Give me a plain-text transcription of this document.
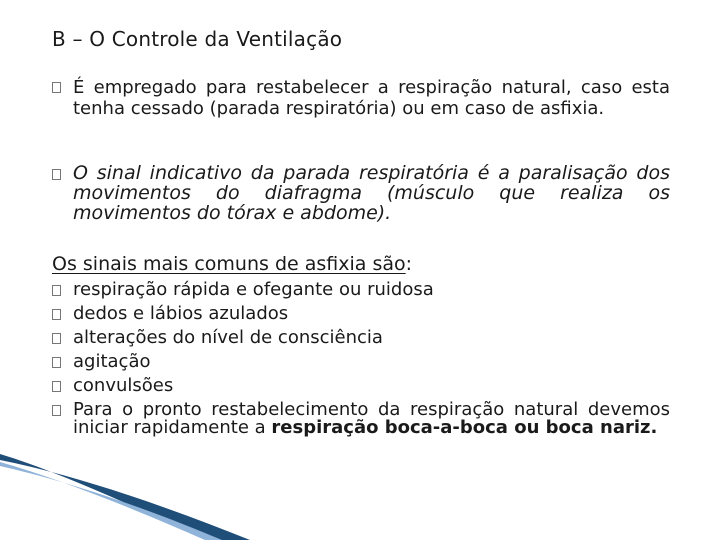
B – O Controle da Ventilação
É empregado para restabelecer a respiração natural, caso esta tenha cessado (parada respiratória) ou em caso de asfixia.
O sinal indicativo da parada respiratória é a paralisação dos movimentos do diafragma (músculo que realiza os movimentos do tórax e abdome).
Os sinais mais comuns de asfixia são:
respiração rápida e ofegante ou ruidosa
dedos e lábios azulados
alterações do nível de consciência
agitação
convulsões
Para o pronto restabelecimento da respiração natural devemos iniciar rapidamente a respiração boca-a-boca ou boca nariz.
